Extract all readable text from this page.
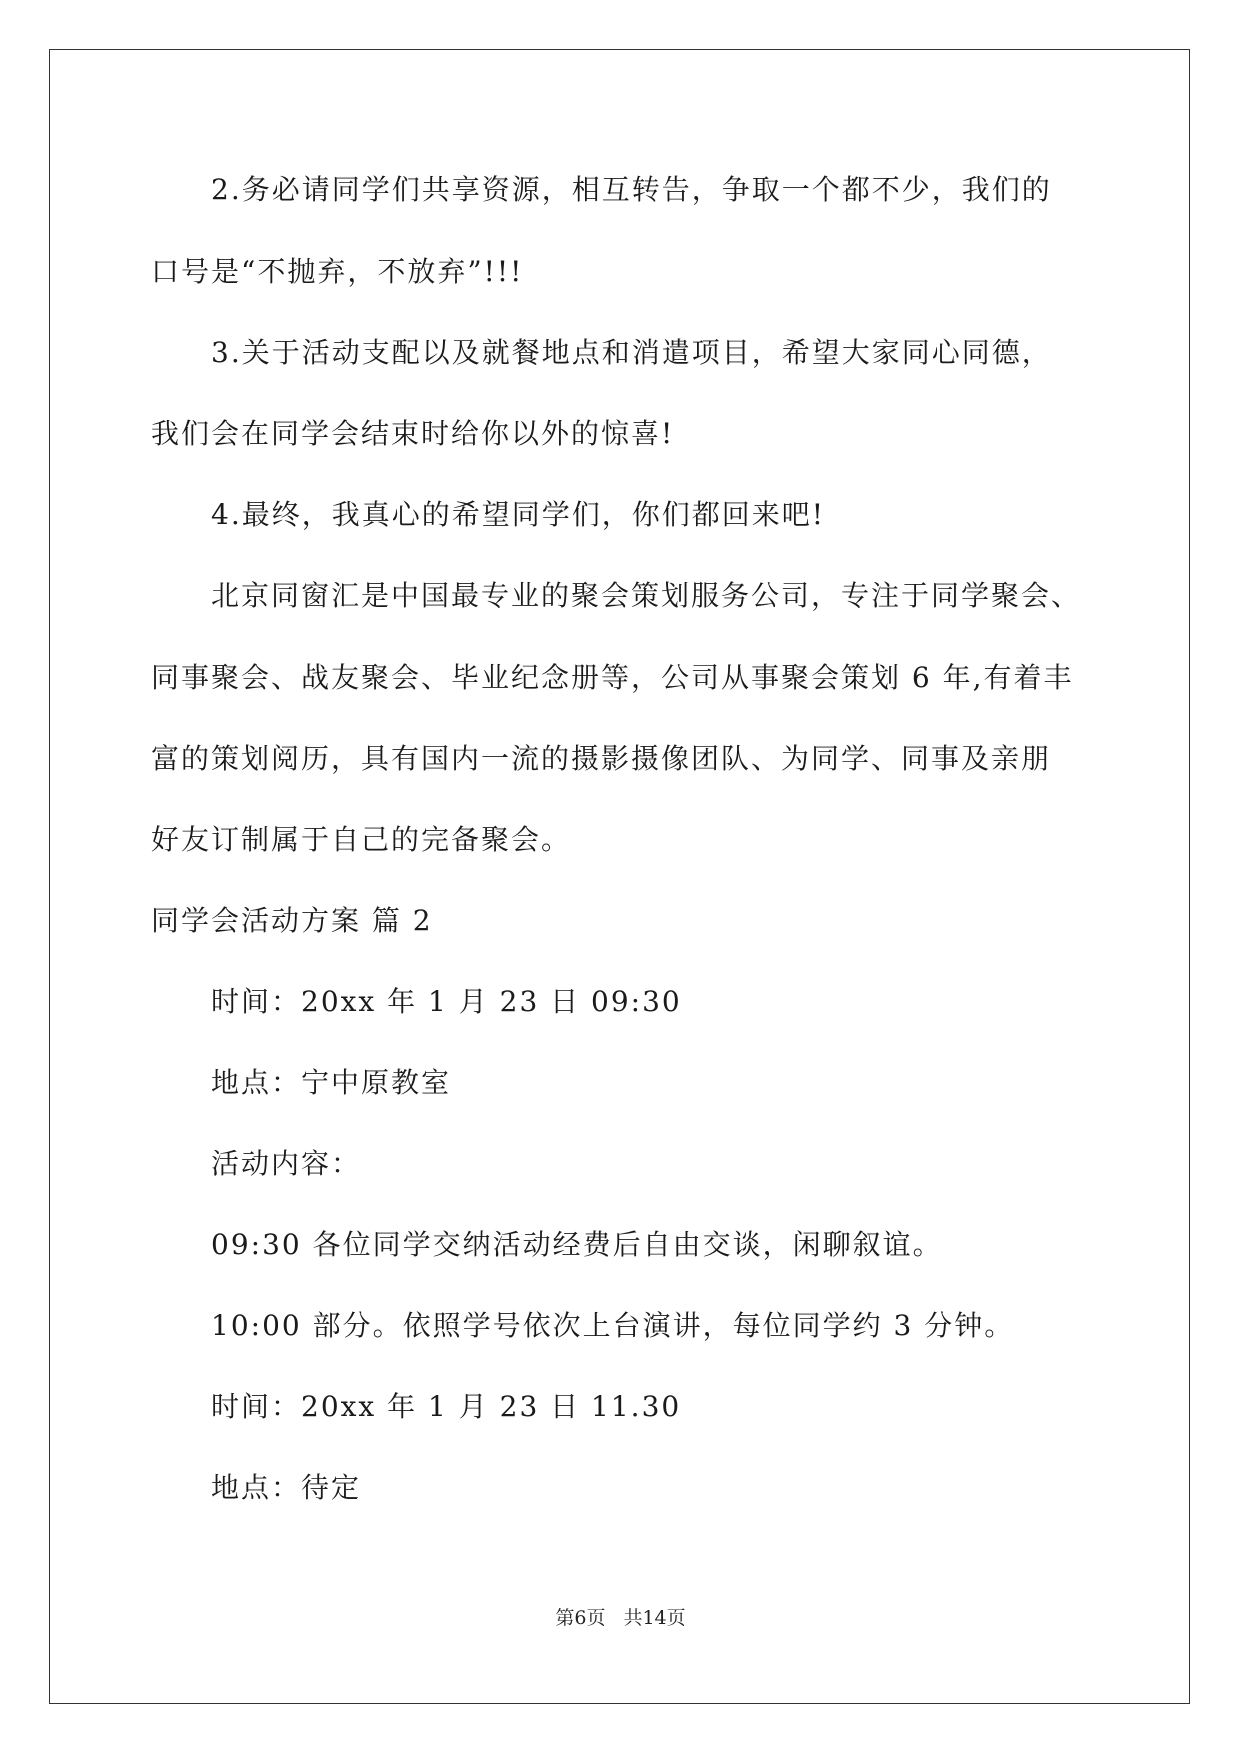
2.务必请同学们共享资源，相互转告，争取一个都不少，我们的
口号是“不抛弃，不放弃”!!!
3.关于活动支配以及就餐地点和消遣项目，希望大家同心同德，
我们会在同学会结束时给你以外的惊喜!
4.最终，我真心的希望同学们，你们都回来吧!
北京同窗汇是中国最专业的聚会策划服务公司，专注于同学聚会、
同事聚会、战友聚会、毕业纪念册等，公司从事聚会策划 6 年,有着丰
富的策划阅历，具有国内一流的摄影摄像团队、为同学、同事及亲朋
好友订制属于自己的完备聚会。
同学会活动方案 篇 2
时间：20xx 年 1 月 23 日 09:30
地点：宁中原教室
活动内容：
09:30 各位同学交纳活动经费后自由交谈，闲聊叙谊。
10:00 部分。依照学号依次上台演讲，每位同学约 3 分钟。
时间：20xx 年 1 月 23 日 11.30
地点：待定
第6页 共14页
